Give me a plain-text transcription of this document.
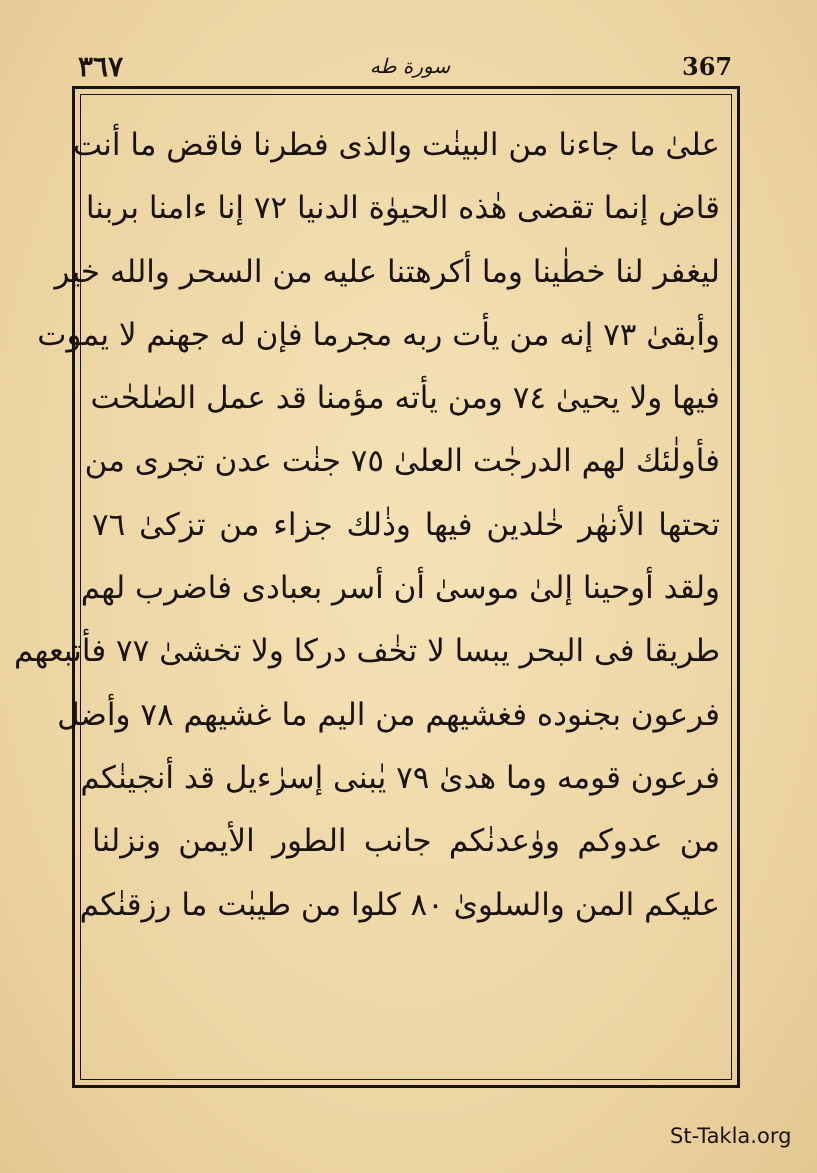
٣٦٧	سورة طه	367
علىٰ ما جاءنا من البينٰت والذى فطرنا فاقض ما أنت
قاض إنما تقضى هٰذه الحيوٰة الدنيا ٧٢ إنا ءامنا بربنا
ليغفر لنا خطٰينا وما أكرهتنا عليه من السحر والله خير
وأبقىٰ ٧٣ إنه من يأت ربه مجرما فإن له جهنم لا يموت
فيها ولا يحيىٰ ٧٤ ومن يأته مؤمنا قد عمل الصٰلحٰت
فأولٰئك لهم الدرجٰت العلىٰ ٧٥ جنٰت عدن تجرى من
تحتها الأنهٰر خٰلدين فيها وذٰلك جزاء من تزكىٰ ٧٦
ولقد أوحينا إلىٰ موسىٰ أن أسر بعبادى فاضرب لهم
طريقا فى البحر يبسا لا تخٰف دركا ولا تخشىٰ ٧٧ فأتبعهم
فرعون بجنوده فغشيهم من اليم ما غشيهم ٧٨ وأضل
فرعون قومه وما هدىٰ ٧٩ يٰبنى إسرٰءيل قد أنجينٰكم
من عدوكم ووٰعدنٰكم جانب الطور الأيمن ونزلنا
عليكم المن والسلوىٰ ٨٠ كلوا من طيبٰت ما رزقنٰكم
St-Takla.org
